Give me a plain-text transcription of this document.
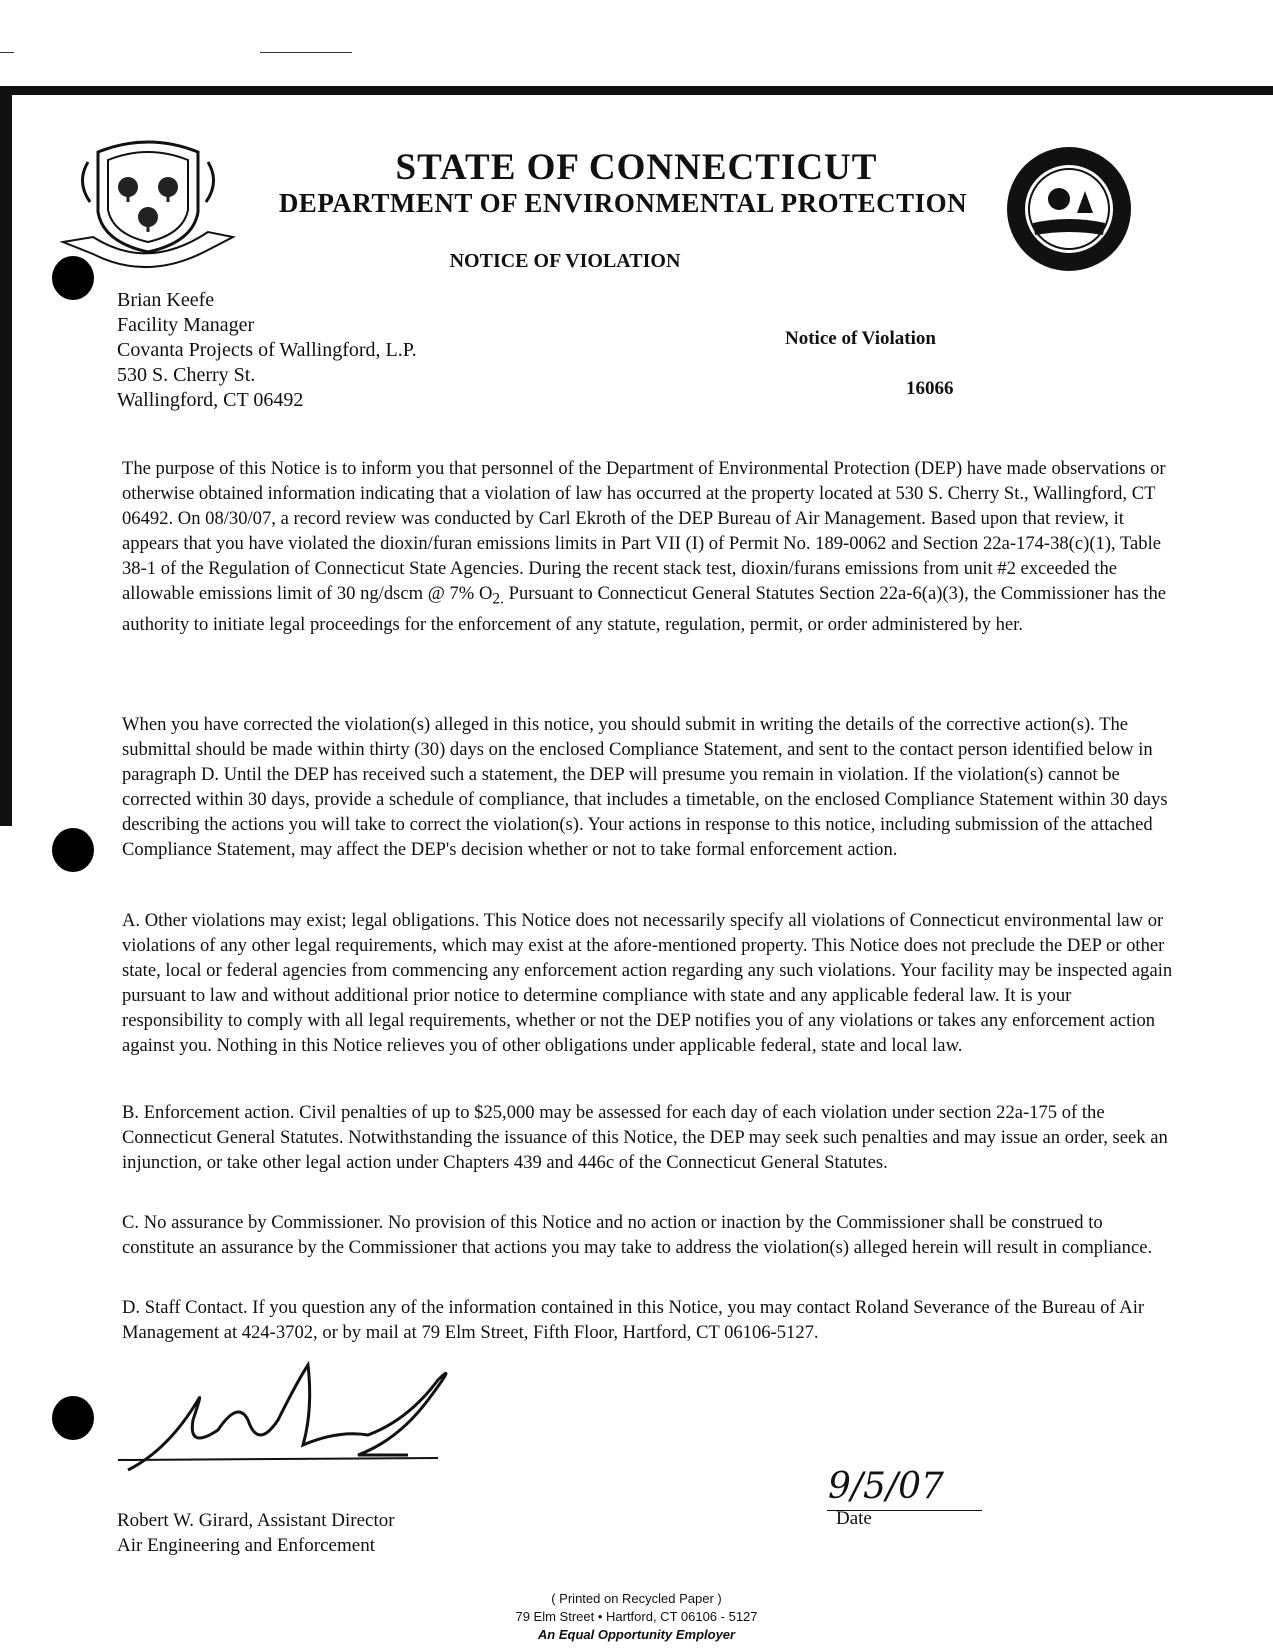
STATE OF CONNECTICUT
DEPARTMENT OF ENVIRONMENTAL PROTECTION
NOTICE OF VIOLATION
Brian Keefe
Facility Manager
Covanta Projects of Wallingford, L.P.
530 S. Cherry St.
Wallingford, CT 06492
Notice of Violation
16066
The purpose of this Notice is to inform you that personnel of the Department of Environmental Protection (DEP) have made observations or otherwise obtained information indicating that a violation of law has occurred at the property located at 530 S. Cherry St., Wallingford, CT 06492. On 08/30/07, a record review was conducted by Carl Ekroth of the DEP Bureau of Air Management. Based upon that review, it appears that you have violated the dioxin/furan emissions limits in Part VII (I) of Permit No. 189-0062 and Section 22a-174-38(c)(1), Table 38-1 of the Regulation of Connecticut State Agencies. During the recent stack test, dioxin/furans emissions from unit #2 exceeded the allowable emissions limit of 30 ng/dscm @ 7% $O_{2.}$ Pursuant to Connecticut General Statutes Section 22a-6(a)(3), the Commissioner has the authority to initiate legal proceedings for the enforcement of any statute, regulation, permit, or order administered by her.
When you have corrected the violation(s) alleged in this notice, you should submit in writing the details of the corrective action(s). The submittal should be made within thirty (30) days on the enclosed Compliance Statement, and sent to the contact person identified below in paragraph D. Until the DEP has received such a statement, the DEP will presume you remain in violation. If the violation(s) cannot be corrected within 30 days, provide a schedule of compliance, that includes a timetable, on the enclosed Compliance Statement within 30 days describing the actions you will take to correct the violation(s). Your actions in response to this notice, including submission of the attached Compliance Statement, may affect the DEP's decision whether or not to take formal enforcement action.
A. Other violations may exist; legal obligations. This Notice does not necessarily specify all violations of Connecticut environmental law or violations of any other legal requirements, which may exist at the afore-mentioned property. This Notice does not preclude the DEP or other state, local or federal agencies from commencing any enforcement action regarding any such violations. Your facility may be inspected again pursuant to law and without additional prior notice to determine compliance with state and any applicable federal law. It is your responsibility to comply with all legal requirements, whether or not the DEP notifies you of any violations or takes any enforcement action against you. Nothing in this Notice relieves you of other obligations under applicable federal, state and local law.
B. Enforcement action. Civil penalties of up to $25,000 may be assessed for each day of each violation under section 22a-175 of the Connecticut General Statutes. Notwithstanding the issuance of this Notice, the DEP may seek such penalties and may issue an order, seek an injunction, or take other legal action under Chapters 439 and 446c of the Connecticut General Statutes.
C. No assurance by Commissioner. No provision of this Notice and no action or inaction by the Commissioner shall be construed to constitute an assurance by the Commissioner that actions you may take to address the violation(s) alleged herein will result in compliance.
D. Staff Contact. If you question any of the information contained in this Notice, you may contact Roland Severance of the Bureau of Air Management at 424-3702, or by mail at 79 Elm Street, Fifth Floor, Hartford, CT 06106-5127.
Robert W. Girard, Assistant Director
Air Engineering and Enforcement
9/5/07
Date
( Printed on Recycled Paper )
79 Elm Street • Hartford, CT 06106 - 5127
An Equal Opportunity Employer
